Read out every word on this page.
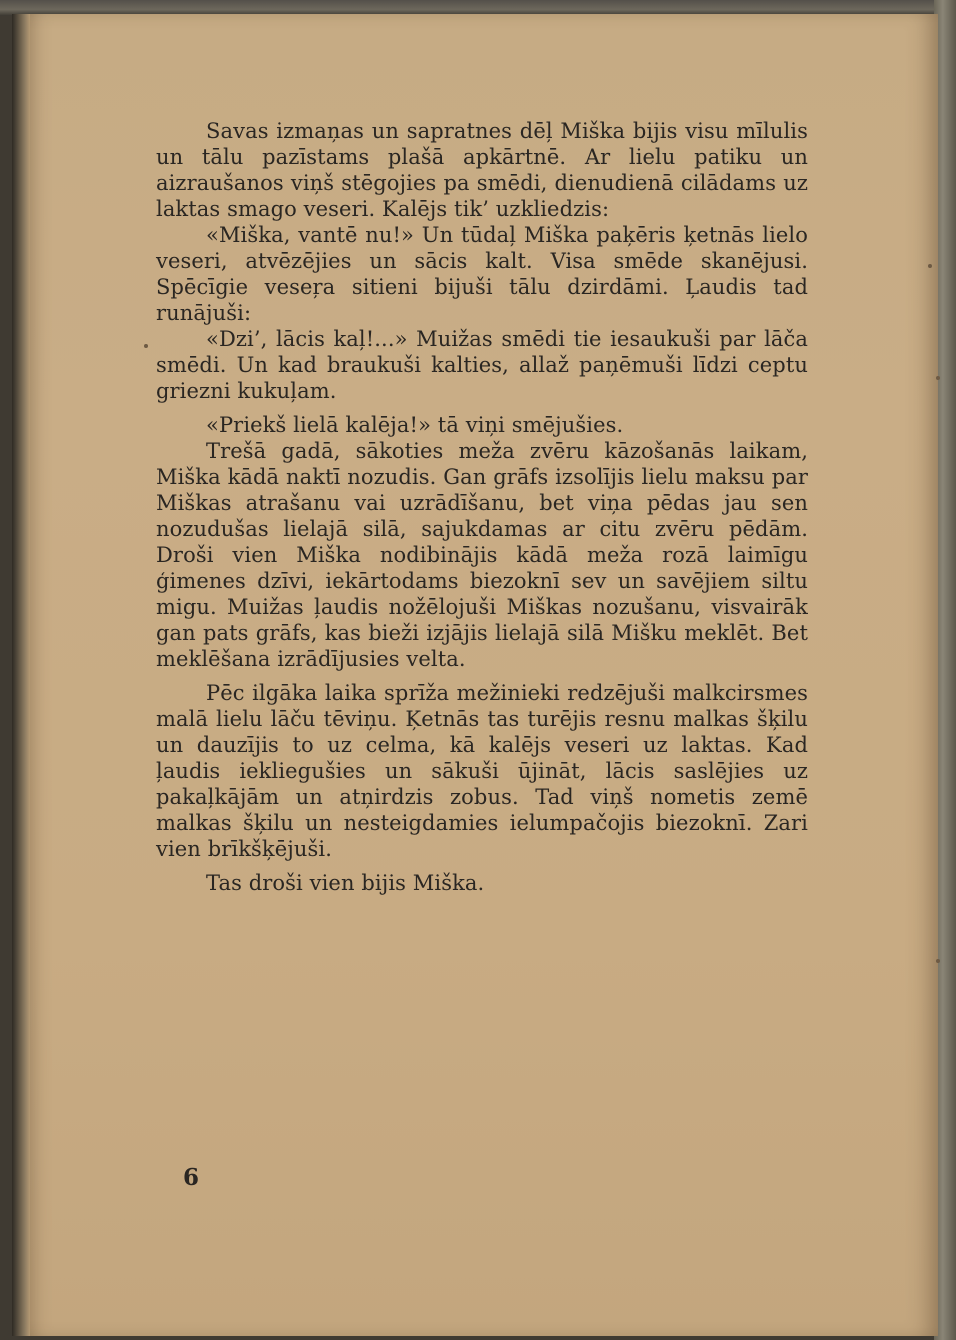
Savas izmaņas un sapratnes dēļ Miška bijis visu mīlulis un tālu pazīstams plašā apkārtnē. Ar lielu patiku un aizraušanos viņš stēgojies pa smēdi, dienudienā cilādams uz laktas smago veseri. Kalējs tik’ uzkliedzis:

«Miška, vantē nu!» Un tūdaļ Miška paķēris ķetnās lielo veseri, atvēzējies un sācis kalt. Visa smēde skanējusi. Spēcīgie veseŗa sitieni bijuši tālu dzirdāmi. Ļaudis tad runājuši:

«Dzi’, lācis kaļ!...» Muižas smēdi tie iesaukuši par lāča smēdi. Un kad braukuši kalties, allaž paņēmuši līdzi ceptu griezni kukuļam.

«Priekš lielā kalēja!» tā viņi smējušies.

Trešā gadā, sākoties meža zvēru kāzošanās laikam, Miška kādā naktī nozudis. Gan grāfs izsolījis lielu maksu par Miškas atrašanu vai uzrādīšanu, bet viņa pēdas jau sen nozudušas lielajā silā, sajukdamas ar citu zvēru pēdām. Droši vien Miška nodibinājis kādā meža rozā laimīgu ģimenes dzīvi, iekārtodams biezoknī sev un savējiem siltu migu. Muižas ļaudis nožēlojuši Miškas nozušanu, visvairāk gan pats grāfs, kas bieži izjājis lielajā silā Mišku meklēt. Bet meklēšana izrādījusies velta.

Pēc ilgāka laika sprīža mežinieki redzējuši malkcirsmes malā lielu lāču tēviņu. Ķetnās tas turējis resnu malkas šķilu un dauzījis to uz celma, kā kalējs veseri uz laktas. Kad ļaudis iekliegušies un sākuši ūjināt, lācis saslējies uz pakaļkājām un atņirdzis zobus. Tad viņš nometis zemē malkas šķilu un nesteigdamies ielumpačojis biezoknī. Zari vien brīkšķējuši.

Tas droši vien bijis Miška.

6
